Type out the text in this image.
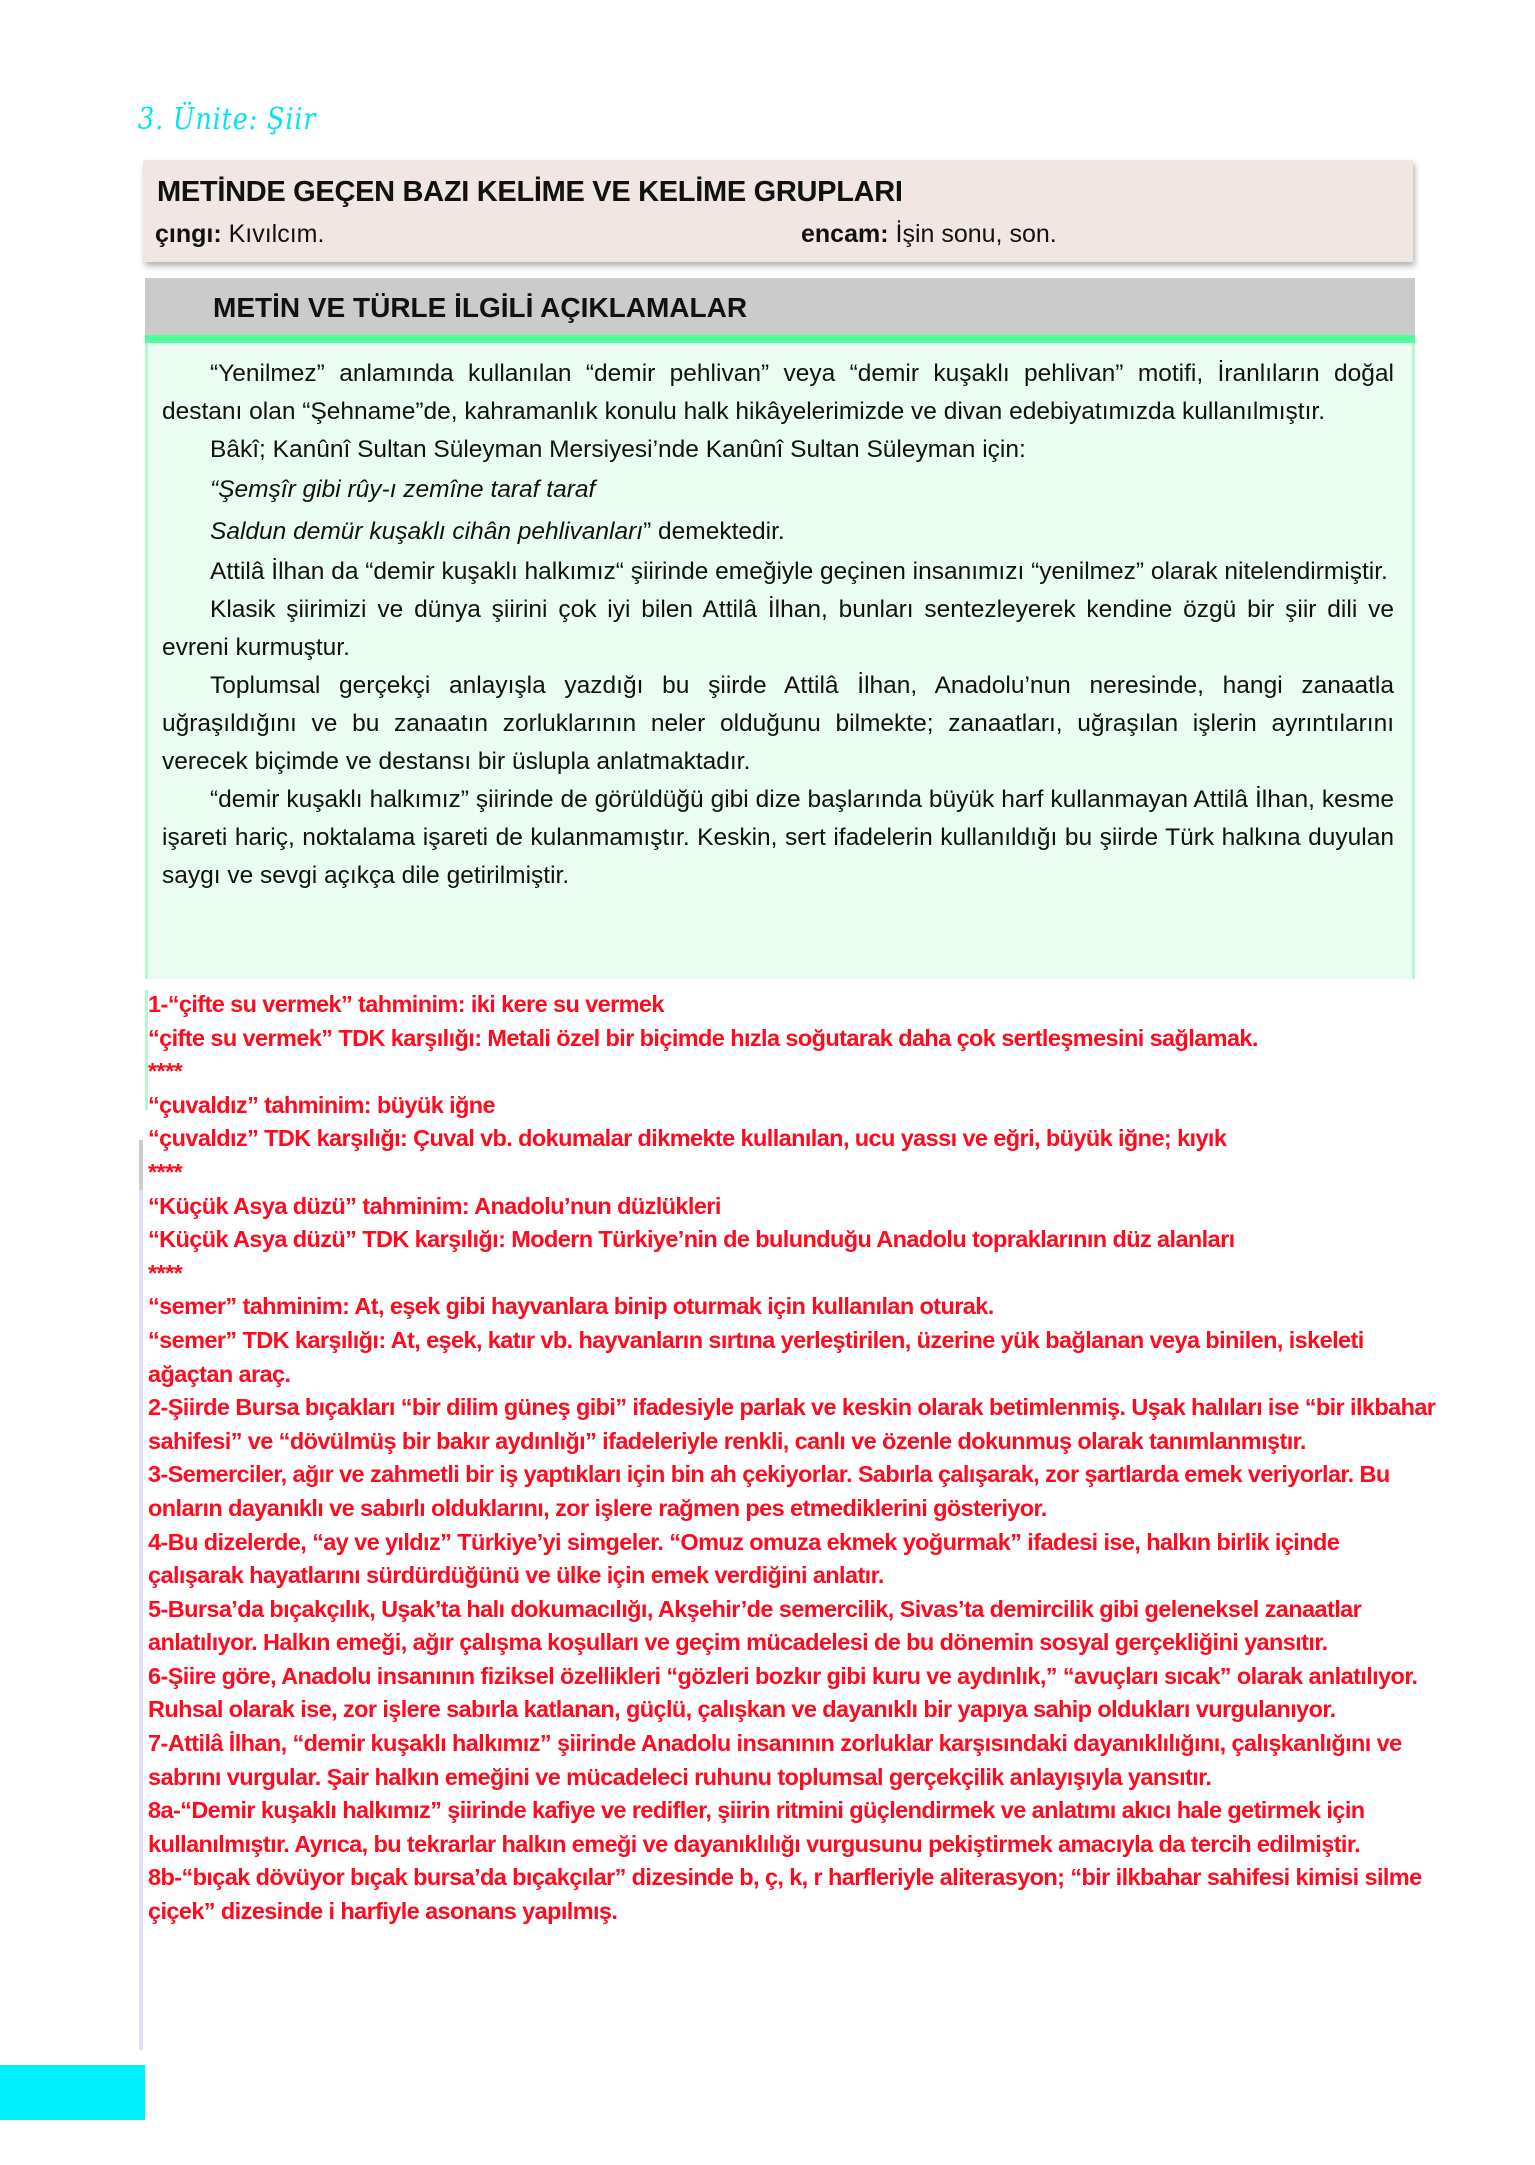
3. Ünite: Şiir
METİNDE GEÇEN BAZI KELİME VE KELİME GRUPLARI
çıngı: Kıvılcım.	encam: İşin sonu, son.
METİN VE TÜRLE İLGİLİ AÇIKLAMALAR

“Yenilmez” anlamında kullanılan “demir pehlivan” veya “demir kuşaklı pehlivan” motifi, İranlıların doğal destanı olan “Şehname”de, kahramanlık konulu halk hikâyelerimizde ve divan edebiyatımızda kullanılmıştır.

Bâkî; Kanûnî Sultan Süleyman Mersiyesi’nde Kanûnî Sultan Süleyman için:

“Şemşîr gibi rûy-ı zemîne taraf taraf

Saldun demür kuşaklı cihân pehlivanları” demektedir.

Attilâ İlhan da “demir kuşaklı halkımız“ şiirinde emeğiyle geçinen insanımızı “yenilmez” olarak nitelendirmiştir.

Klasik şiirimizi ve dünya şiirini çok iyi bilen Attilâ İlhan, bunları sentezleyerek kendine özgü bir şiir dili ve evreni kurmuştur.

Toplumsal gerçekçi anlayışla yazdığı bu şiirde Attilâ İlhan, Anadolu’nun neresinde, hangi zanaatla uğraşıldığını ve bu zanaatın zorluklarının neler olduğunu bilmekte; zanaatları, uğraşılan işlerin ayrıntılarını verecek biçimde ve destansı bir üslupla anlatmaktadır.

“demir kuşaklı halkımız” şiirinde de görüldüğü gibi dize başlarında büyük harf kullanmayan Attilâ İlhan, kesme işareti hariç, noktalama işareti de kulanmamıştır. Keskin, sert ifadelerin kullanıldığı bu şiirde Türk halkına duyulan saygı ve sevgi açıkça dile getirilmiştir.

1-“çifte su vermek” tahminim: iki kere su vermek

“çifte su vermek” TDK karşılığı: Metali özel bir biçimde hızla soğutarak daha çok sertleşmesini sağlamak.

****

“çuvaldız” tahminim: büyük iğne

“çuvaldız” TDK karşılığı: Çuval vb. dokumalar dikmekte kullanılan, ucu yassı ve eğri, büyük iğne; kıyık

****

“Küçük Asya düzü” tahminim: Anadolu’nun düzlükleri

“Küçük Asya düzü” TDK karşılığı: Modern Türkiye’nin de bulunduğu Anadolu topraklarının düz alanları

****

“semer” tahminim: At, eşek gibi hayvanlara binip oturmak için kullanılan oturak.

“semer” TDK karşılığı: At, eşek, katır vb. hayvanların sırtına yerleştirilen, üzerine yük bağlanan veya binilen, iskeleti ağaçtan araç.

2-Şiirde Bursa bıçakları “bir dilim güneş gibi” ifadesiyle parlak ve keskin olarak betimlenmiş. Uşak halıları ise “bir ilkbahar sahifesi” ve “dövülmüş bir bakır aydınlığı” ifadeleriyle renkli, canlı ve özenle dokunmuş olarak tanımlanmıştır.

3-Semerciler, ağır ve zahmetli bir iş yaptıkları için bin ah çekiyorlar. Sabırla çalışarak, zor şartlarda emek veriyorlar. Bu onların dayanıklı ve sabırlı olduklarını, zor işlere rağmen pes etmediklerini gösteriyor.

4-Bu dizelerde, “ay ve yıldız” Türkiye’yi simgeler. “Omuz omuza ekmek yoğurmak” ifadesi ise, halkın birlik içinde çalışarak hayatlarını sürdürdüğünü ve ülke için emek verdiğini anlatır.

5-Bursa’da bıçakçılık, Uşak’ta halı dokumacılığı, Akşehir’de semercilik, Sivas’ta demircilik gibi geleneksel zanaatlar anlatılıyor. Halkın emeği, ağır çalışma koşulları ve geçim mücadelesi de bu dönemin sosyal gerçekliğini yansıtır.

6-Şiire göre, Anadolu insanının fiziksel özellikleri “gözleri bozkır gibi kuru ve aydınlık,” “avuçları sıcak” olarak anlatılıyor. Ruhsal olarak ise, zor işlere sabırla katlanan, güçlü, çalışkan ve dayanıklı bir yapıya sahip oldukları vurgulanıyor.

7-Attilâ İlhan, “demir kuşaklı halkımız” şiirinde Anadolu insanının zorluklar karşısındaki dayanıklılığını, çalışkanlığını ve sabrını vurgular. Şair halkın emeğini ve mücadeleci ruhunu toplumsal gerçekçilik anlayışıyla yansıtır.

8a-“Demir kuşaklı halkımız” şiirinde kafiye ve redifler, şiirin ritmini güçlendirmek ve anlatımı akıcı hale getirmek için kullanılmıştır. Ayrıca, bu tekrarlar halkın emeği ve dayanıklılığı vurgusunu pekiştirmek amacıyla da tercih edilmiştir.

8b-“bıçak dövüyor bıçak bursa’da bıçakçılar” dizesinde b, ç, k, r harfleriyle aliterasyon; “bir ilkbahar sahifesi kimisi silme çiçek” dizesinde i harfiyle asonans yapılmış.
